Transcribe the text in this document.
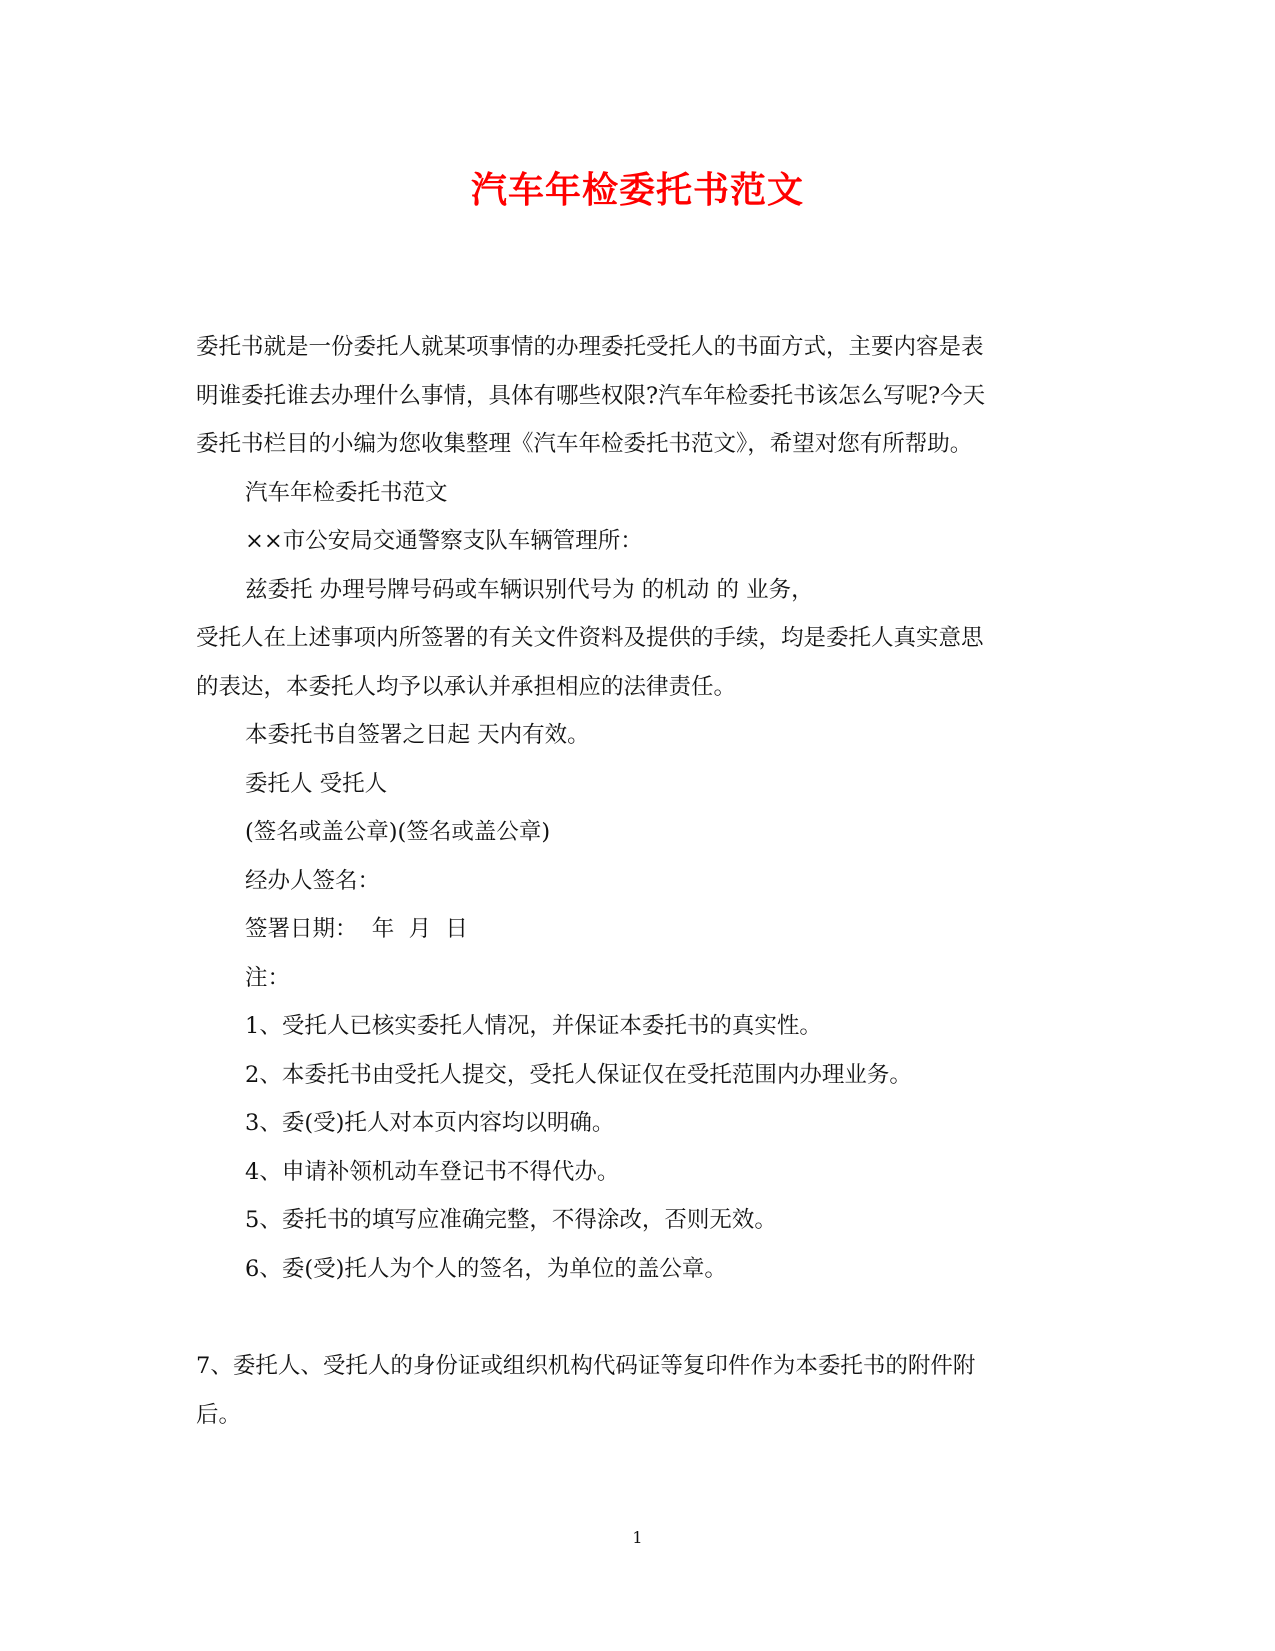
汽车年检委托书范文

委托书就是一份委托人就某项事情的办理委托受托人的书面方式，主要内容是表

明谁委托谁去办理什么事情，具体有哪些权限?汽车年检委托书该怎么写呢?今天

委托书栏目的小编为您收集整理《汽车年检委托书范文》，希望对您有所帮助。

汽车年检委托书范文

××市公安局交通警察支队车辆管理所：

兹委托 办理号牌号码或车辆识别代号为 的机动 的 业务，

受托人在上述事项内所签署的有关文件资料及提供的手续，均是委托人真实意思

的表达，本委托人均予以承认并承担相应的法律责任。

本委托书自签署之日起 天内有效。

委托人 受托人

(签名或盖公章)(签名或盖公章)

经办人签名：

签署日期：  年  月  日

注：

1、受托人已核实委托人情况，并保证本委托书的真实性。

2、本委托书由受托人提交，受托人保证仅在受托范围内办理业务。

3、委(受)托人对本页内容均以明确。

4、申请补领机动车登记书不得代办。

5、委托书的填写应准确完整，不得涂改，否则无效。

6、委(受)托人为个人的签名，为单位的盖公章。

7、委托人、受托人的身份证或组织机构代码证等复印件作为本委托书的附件附

后。

1
